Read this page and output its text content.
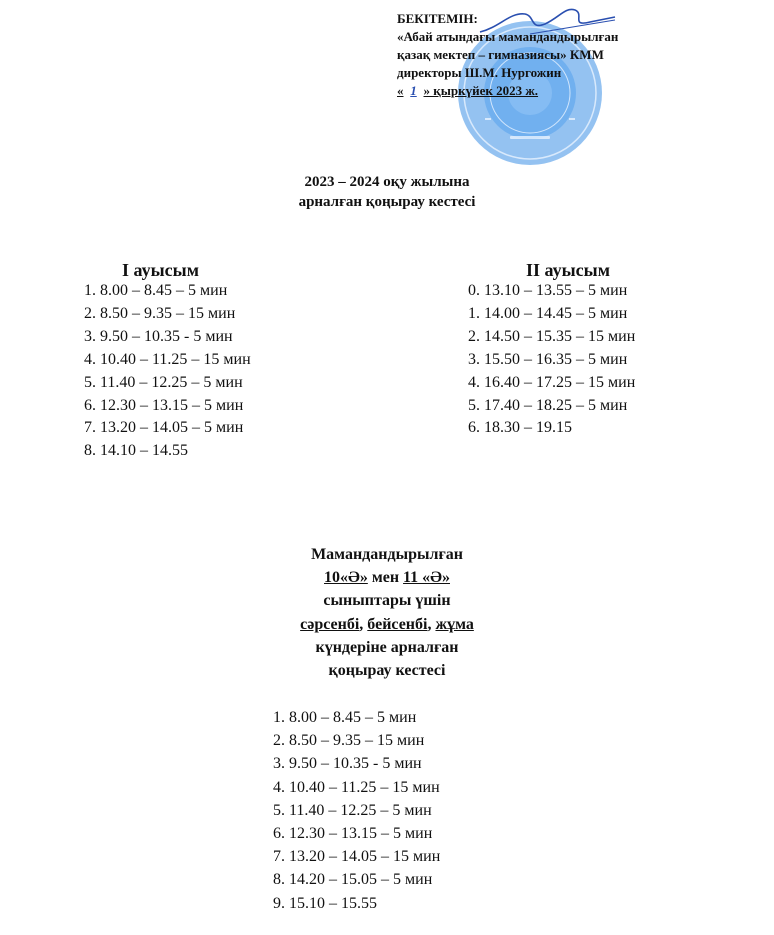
БЕКІТЕМІН:
«Абай атындағы мамандандырылған
қазақ мектеп – гимназиясы» КММ
директоры Ш.М. Нургожин
« 1 » қыркүйек 2023 ж.
2023 – 2024 оқу жылына
арналған қоңырау кестесі
І ауысым
1. 8.00 – 8.45 – 5 мин
2. 8.50 – 9.35 – 15 мин
3. 9.50 – 10.35 - 5 мин
4. 10.40 – 11.25 – 15 мин
5. 11.40 – 12.25 – 5 мин
6. 12.30 – 13.15 – 5 мин
7. 13.20 – 14.05 – 5 мин
8. 14.10 – 14.55
ІІ ауысым
0. 13.10 – 13.55 – 5 мин
1. 14.00 – 14.45 – 5 мин
2. 14.50 – 15.35 – 15 мин
3. 15.50 – 16.35 – 5 мин
4. 16.40 – 17.25 – 15 мин
5. 17.40 – 18.25 – 5 мин
6. 18.30 – 19.15
Мамандандырылған
10«Ә» мен 11 «Ә»
сыныптары үшін
сәрсенбі, бейсенбі, жұма
күндеріне арналған
қоңырау кестесі
1. 8.00 – 8.45 – 5 мин
2. 8.50 – 9.35 – 15 мин
3. 9.50 – 10.35 - 5 мин
4. 10.40 – 11.25 – 15 мин
5. 11.40 – 12.25 – 5 мин
6. 12.30 – 13.15 – 5 мин
7. 13.20 – 14.05 – 15 мин
8. 14.20 – 15.05 – 5 мин
9. 15.10 – 15.55
